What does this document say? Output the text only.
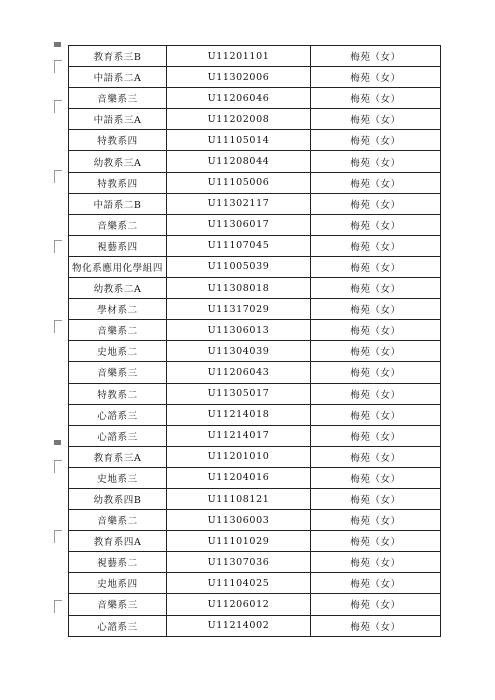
教育系三B	U11201101	梅苑（女）
中語系二A	U11302006	梅苑（女）
音樂系三	U11206046	梅苑（女）
中語系三A	U11202008	梅苑（女）
特教系四	U11105014	梅苑（女）
幼教系三A	U11208044	梅苑（女）
特教系四	U11105006	梅苑（女）
中語系二B	U11302117	梅苑（女）
音樂系二	U11306017	梅苑（女）
視藝系四	U11107045	梅苑（女）
物化系應用化學組四	U11005039	梅苑（女）
幼教系二A	U11308018	梅苑（女）
學材系二	U11317029	梅苑（女）
音樂系二	U11306013	梅苑（女）
史地系二	U11304039	梅苑（女）
音樂系三	U11206043	梅苑（女）
特教系二	U11305017	梅苑（女）
心諮系三	U11214018	梅苑（女）
心諮系三	U11214017	梅苑（女）
教育系三A	U11201010	梅苑（女）
史地系三	U11204016	梅苑（女）
幼教系四B	U11108121	梅苑（女）
音樂系二	U11306003	梅苑（女）
教育系四A	U11101029	梅苑（女）
視藝系二	U11307036	梅苑（女）
史地系四	U11104025	梅苑（女）
音樂系三	U11206012	梅苑（女）
心諮系三	U11214002	梅苑（女）
